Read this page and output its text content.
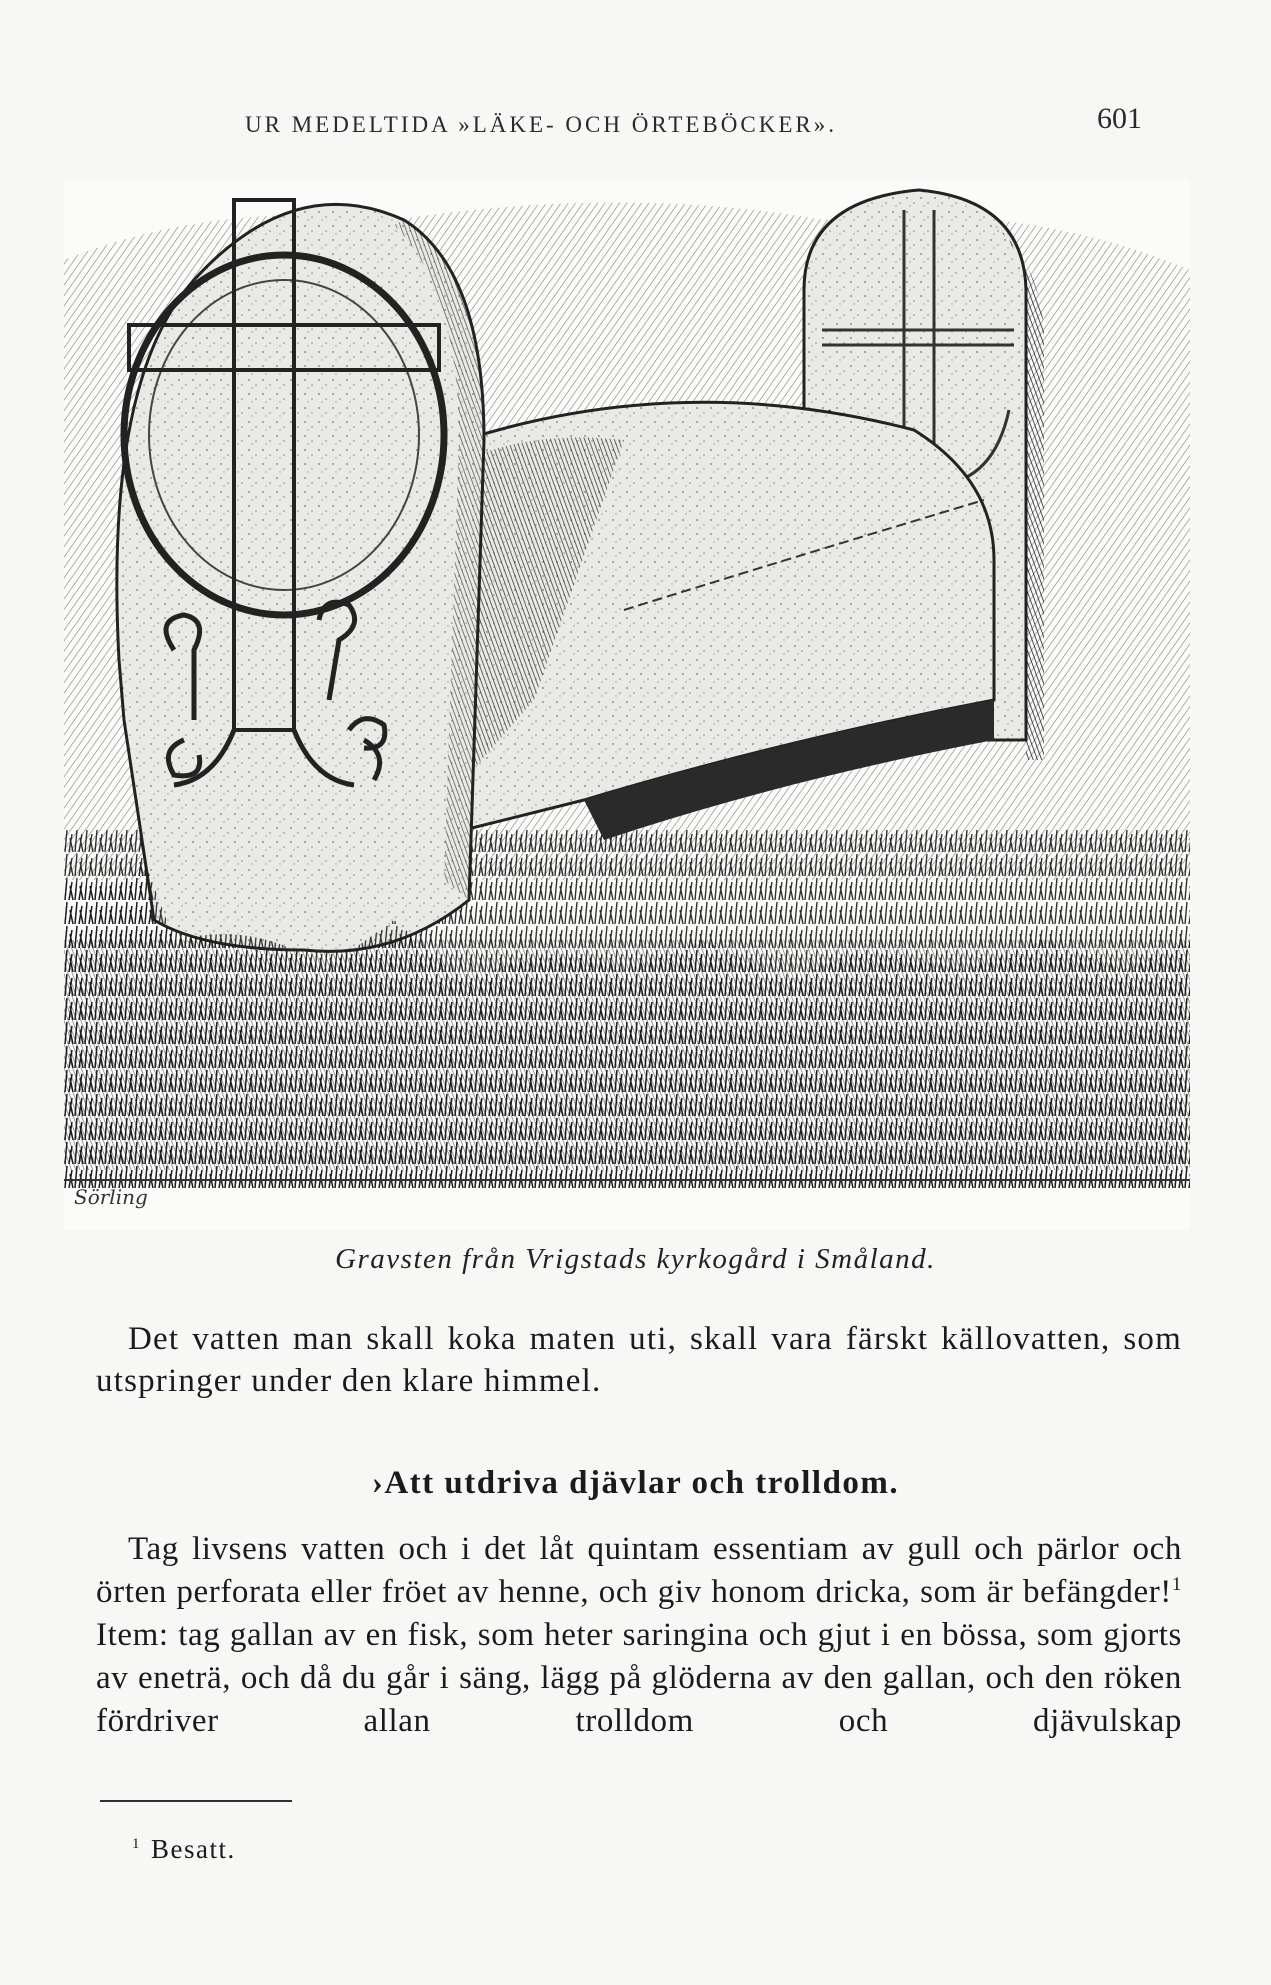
UR MEDELTIDA »LÄKE- OCH ÖRTEBÖCKER».	601
Sörling
Gravsten från Vrigstads kyrkogård i Småland.

Det vatten man skall koka maten uti, skall vara färskt källovatten, som utspringer under den klare himmel.

›Att utdriva djävlar och trolldom.

Tag livsens vatten och i det låt quintam essentiam av gull och pärlor och örten perforata eller fröet av henne, och giv honom dricka, som är befängder!$^1$ Item: tag gallan av en fisk, som heter saringina och gjut i en bössa, som gjorts av eneträ, och då du går i säng, lägg på glöderna av den gallan, och den röken fördriver allan trolldom och djävulskap

$^1$ Besatt.
